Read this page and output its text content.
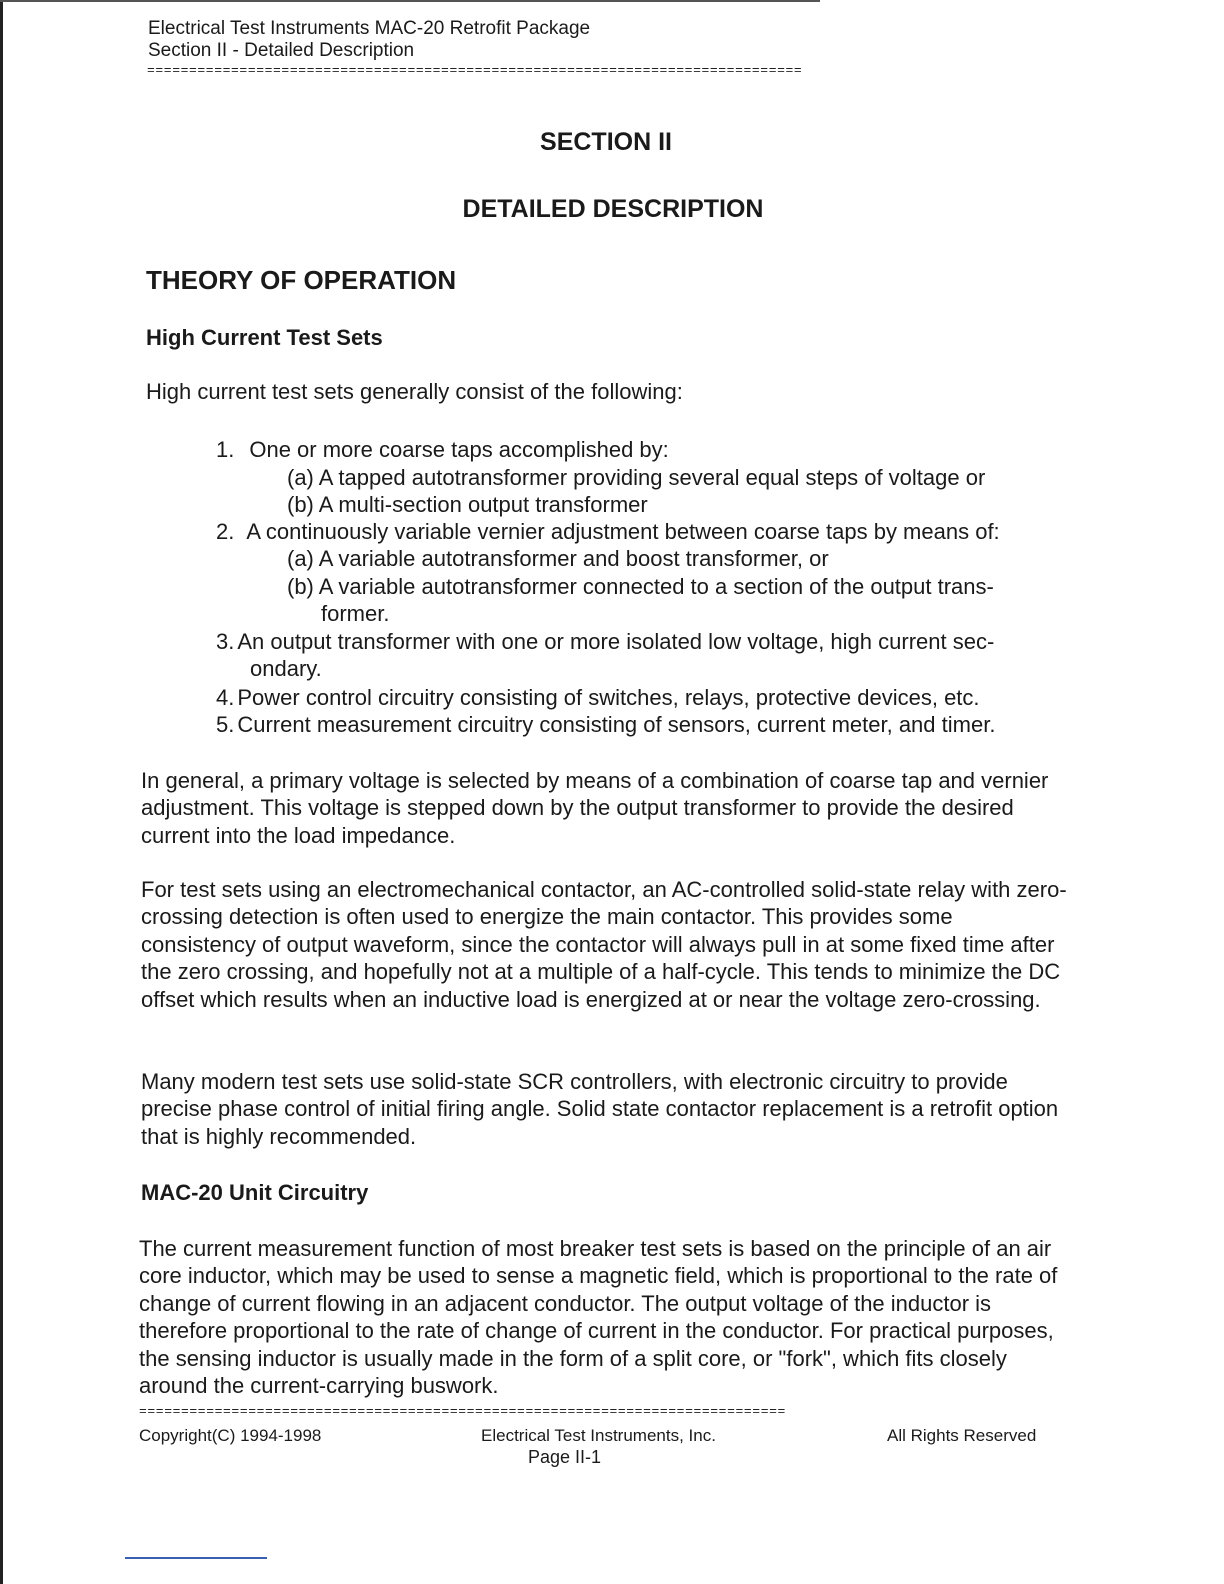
Electrical Test Instruments MAC-20 Retrofit Package
Section II - Detailed Description
==============================================================================
SECTION II
DETAILED DESCRIPTION
THEORY OF OPERATION
High Current Test Sets
High current test sets generally consist of the following:
1. One or more coarse taps accomplished by:
(a) A tapped autotransformer providing several equal steps of voltage or
(b) A multi-section output transformer
2. A continuously variable vernier adjustment between coarse taps by means of:
(a) A variable autotransformer and boost transformer, or
(b) A variable autotransformer connected to a section of the output trans-
former.
3. An output transformer with one or more isolated low voltage, high current sec-
ondary.
4. Power control circuitry consisting of switches, relays, protective devices, etc.
5. Current measurement circuitry consisting of sensors, current meter, and timer.
In general, a primary voltage is selected by means of a combination of coarse tap and vernier adjustment. This voltage is stepped down by the output transformer to provide the desired current into the load impedance.
For test sets using an electromechanical contactor, an AC-controlled solid-state relay with zero-crossing detection is often used to energize the main contactor. This provides some consistency of output waveform, since the contactor will always pull in at some fixed time after the zero crossing, and hopefully not at a multiple of a half-cycle. This tends to minimize the DC offset which results when an inductive load is energized at or near the voltage zero-crossing.
Many modern test sets use solid-state SCR controllers, with electronic circuitry to provide precise phase control of initial firing angle. Solid state contactor replacement is a retrofit option that is highly recommended.
MAC-20 Unit Circuitry
The current measurement function of most breaker test sets is based on the principle of an air core inductor, which may be used to sense a magnetic field, which is proportional to the rate of change of current flowing in an adjacent conductor. The output voltage of the inductor is therefore proportional to the rate of change of current in the conductor. For practical purposes, the sensing inductor is usually made in the form of a split core, or "fork", which fits closely around the current-carrying buswork.
=============================================================================
Copyright(C) 1994-1998	Electrical Test Instruments, Inc.	All Rights Reserved
Page II-1
